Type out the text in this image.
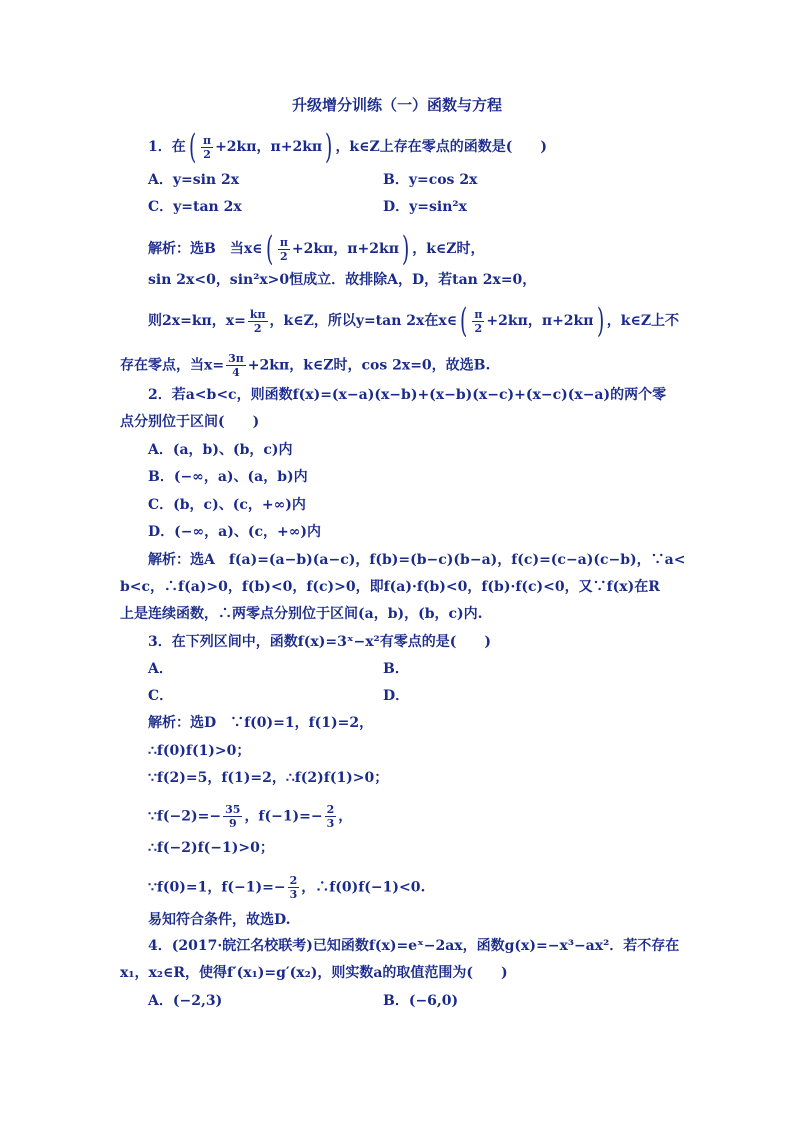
升级增分训练（一）函数与方程
1．在( $\frac{\pi}{2} +2k\pi$，π+2kπ) ，k∈Z上存在零点的函数是(　　)
A．y=sin 2x	B．y=cos 2x
C．y=tan 2x	D．y=sin²x
解析：选B　当x∈( $\frac{\pi}{2} +2k\pi$，π+2kπ) ，k∈Z时，
sin 2x<0，sin²x>0恒成立．故排除A，D，若tan 2x=0，
则2x=kπ，$x= \frac{k\pi}{2}$ ，k∈Z，所以y=tan 2x在x∈( $\frac{\pi}{2} +2k\pi$，π+2kπ) ，k∈Z上不
存在零点，当$x= \frac{3\pi}{4} +2k\pi$，k∈Z时，cos 2x=0，故选B.
2．若a<b<c，则函数f(x)=(x−a)(x−b)+(x−b)(x−c)+(x−c)(x−a)的两个零
点分别位于区间(　　)
A．(a，b)、(b，c)内
B．(−∞，a)、(a，b)内
C．(b，c)、(c，+∞)内
D．(−∞，a)、(c，+∞)内
解析：选A　f(a)=(a−b)(a−c)，f(b)=(b−c)(b−a)，f(c)=(c−a)(c−b)，∵a<
b<c，∴f(a)>0，f(b)<0，f(c)>0，即f(a)·f(b)<0，f(b)·f(c)<0，又∵f(x)在R
上是连续函数，∴两零点分别位于区间(a，b)，(b，c)内.
3．在下列区间中，函数f(x)=3ˣ−x²有零点的是(　　)
A．	B．
C．	D．
解析：选D　∵f(0)=1，f(1)=2，
∴f(0)f(1)>0；
∵f(2)=5，f(1)=2，∴f(2)f(1)>0；
∵f(−2)=− $\frac{35}{9}$ ，$f(-1)=- \frac{2}{3}$ ，
∴f(−2)f(−1)>0；
∵f(0)=1，$f(-1)=- \frac{2}{3}$ ，∴f(0)f(−1)<0.
易知符合条件，故选D.
4．(2017·皖江名校联考)已知函数f(x)=eˣ−2ax，函数g(x)=−x³−ax²．若不存在
x₁，x₂∈R，使得f′(x₁)=g′(x₂)，则实数a的取值范围为(　　)
A．(−2,3)	B．(−6,0)
